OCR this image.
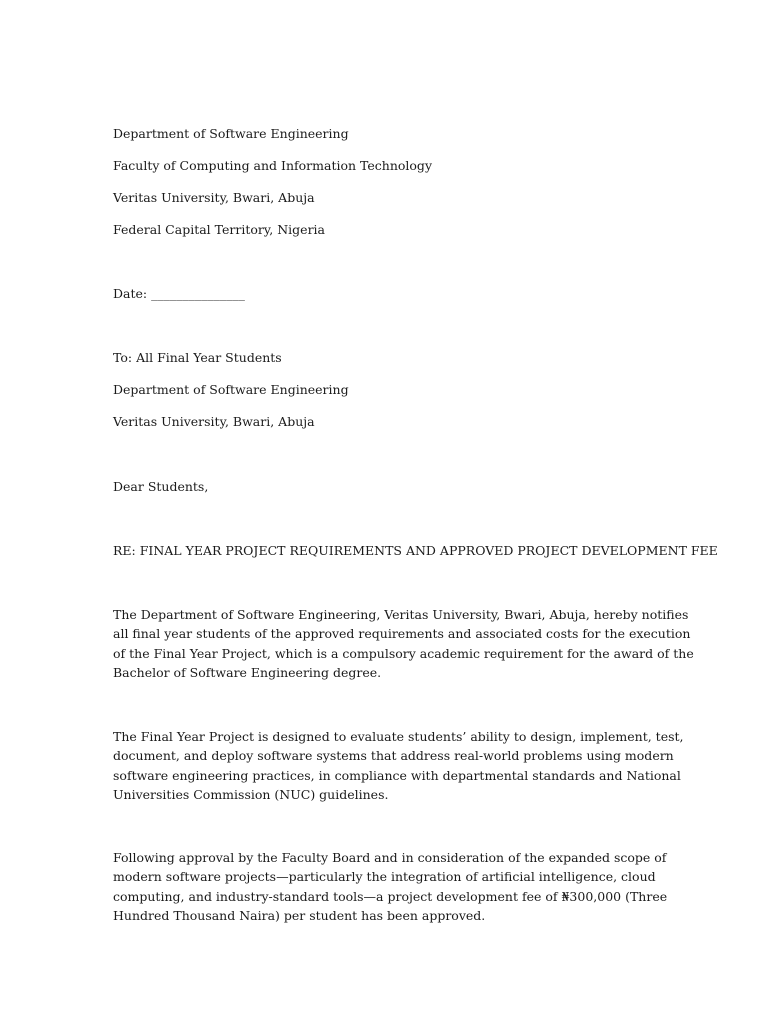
Department of Software Engineering
Faculty of Computing and Information Technology
Veritas University, Bwari, Abuja
Federal Capital Territory, Nigeria
Date: _______________
To: All Final Year Students
Department of Software Engineering
Veritas University, Bwari, Abuja
Dear Students,
RE: FINAL YEAR PROJECT REQUIREMENTS AND APPROVED PROJECT DEVELOPMENT FEE
The Department of Software Engineering, Veritas University, Bwari, Abuja, hereby notifies
all final year students of the approved requirements and associated costs for the execution
of the Final Year Project, which is a compulsory academic requirement for the award of the
Bachelor of Software Engineering degree.
The Final Year Project is designed to evaluate students’ ability to design, implement, test,
document, and deploy software systems that address real-world problems using modern
software engineering practices, in compliance with departmental standards and National
Universities Commission (NUC) guidelines.
Following approval by the Faculty Board and in consideration of the expanded scope of
modern software projects—particularly the integration of artificial intelligence, cloud
computing, and industry-standard tools—a project development fee of ₦300,000 (Three
Hundred Thousand Naira) per student has been approved.
